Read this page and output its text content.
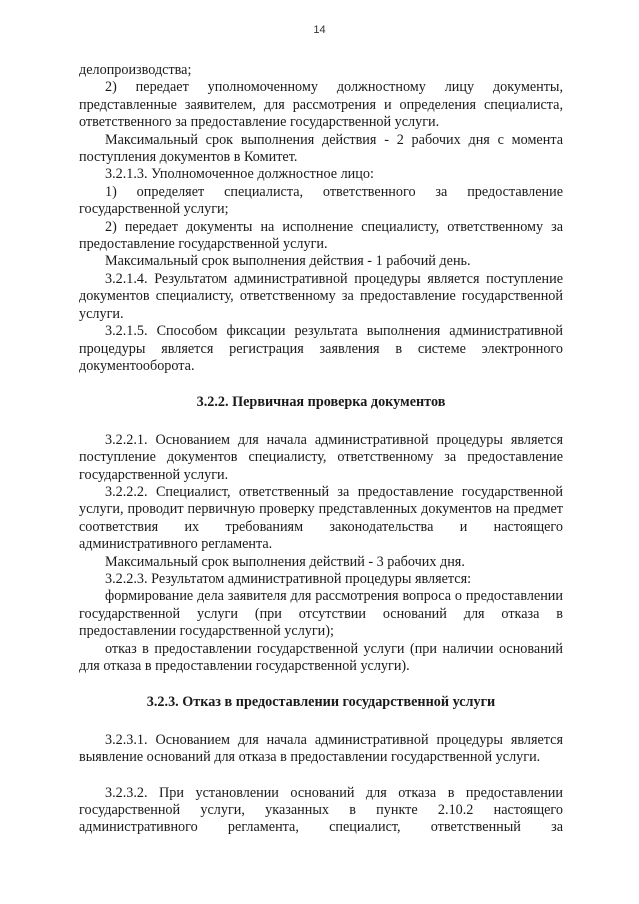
14

делопроизводства;

2) передает уполномоченному должностному лицу документы, представленные заявителем, для рассмотрения и определения специалиста, ответственного за предоставление государственной услуги.

Максимальный срок выполнения действия - 2 рабочих дня с момента поступления документов в Комитет.

3.2.1.3. Уполномоченное должностное лицо:

1) определяет специалиста, ответственного за предоставление государственной услуги;

2) передает документы на исполнение специалисту, ответственному за предоставление государственной услуги.

Максимальный срок выполнения действия - 1 рабочий день.

3.2.1.4. Результатом административной процедуры является поступление документов специалисту, ответственному за предоставление государственной услуги.

3.2.1.5. Способом фиксации результата выполнения административной процедуры является регистрация заявления в системе электронного документооборота.

3.2.2. Первичная проверка документов

3.2.2.1. Основанием для начала административной процедуры является поступление документов специалисту, ответственному за предоставление государственной услуги.

3.2.2.2. Специалист, ответственный за предоставление государственной услуги, проводит первичную проверку представленных документов на предмет соответствия их требованиям законодательства и настоящего административного регламента.

Максимальный срок выполнения действий - 3 рабочих дня.

3.2.2.3. Результатом административной процедуры является:

формирование дела заявителя для рассмотрения вопроса о предоставлении государственной услуги (при отсутствии оснований для отказа в предоставлении государственной услуги);

отказ в предоставлении государственной услуги (при наличии оснований для отказа в предоставлении государственной услуги).

3.2.3. Отказ в предоставлении государственной услуги

3.2.3.1. Основанием для начала административной процедуры является выявление оснований для отказа в предоставлении государственной услуги.

3.2.3.2. При установлении оснований для отказа в предоставлении государственной услуги, указанных в пункте 2.10.2 настоящего административного регламента, специалист, ответственный за
